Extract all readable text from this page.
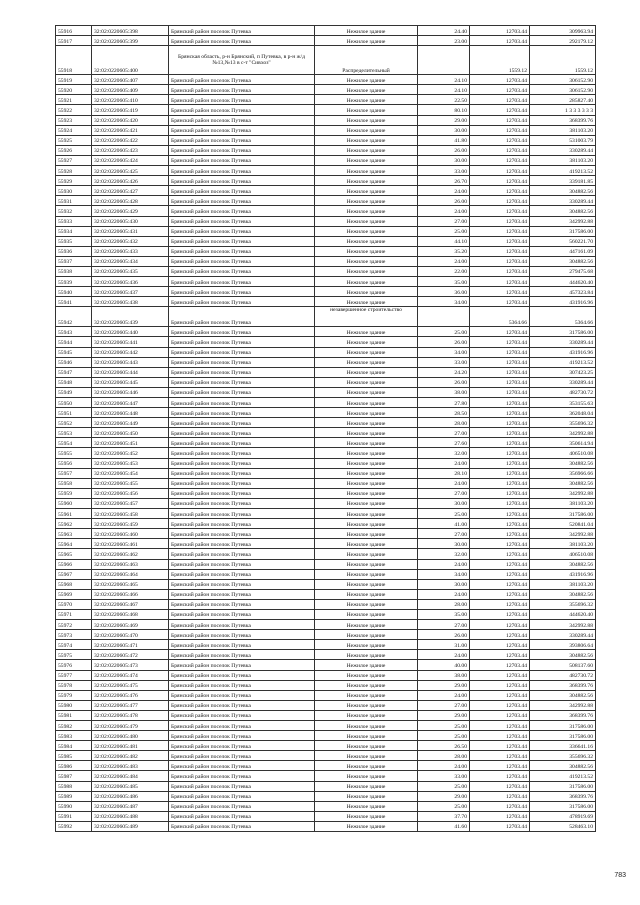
55916	32:02:0220605:398	Брянский район поселок Путевка	Нежилое здание	24.40	12703.44	309963.94
55917	32:02:0220605:399	Брянский район поселок Путевка	Нежилое здание	23.00	12703.44	292179.12
55918	32:02:0220605:400	Брянская область, р-н Брянский, п Путевка, в р-н ж/д №13,№13 в с-т "Сивхоз"	Распределительный		1559.12	1559.12
55919	32:02:0220605:407	Брянский район поселок Путевка	Нежилое здание	24.10	12703.44	306152.90
55920	32:02:0220605:409	Брянский район поселок Путевка	Нежилое здание	24.10	12703.44	306152.90
55921	32:02:0220605:410	Брянский район поселок Путевка	Нежилое здание	22.50	12703.44	285827.40
55922	32:02:0220605:419	Брянский район поселок Путевка	Нежилое здание	80.10	12703.44	1 3 3 3 3 3 3
55923	32:02:0220605:420	Брянский район поселок Путевка	Нежилое здание	29.00	12703.44	368399.76
55924	32:02:0220605:421	Брянский район поселок Путевка	Нежилое здание	30.00	12703.44	381103.20
55925	32:02:0220605:422	Брянский район поселок Путевка	Нежилое здание	41.80	12703.44	531003.79
55926	32:02:0220605:423	Брянский район поселок Путевка	Нежилое здание	26.00	12703.44	330289.44
55927	32:02:0220605:424	Брянский район поселок Путевка	Нежилое здание	30.00	12703.44	381103.20
55928	32:02:0220605:425	Брянский район поселок Путевка	Нежилое здание	33.00	12703.44	419213.52
55929	32:02:0220605:426	Брянский район поселок Путевка	Нежилое здание	26.70	12703.44	339181.85
55930	32:02:0220605:427	Брянский район поселок Путевка	Нежилое здание	24.00	12703.44	304882.56
55931	32:02:0220605:428	Брянский район поселок Путевка	Нежилое здание	26.00	12703.44	330289.44
55932	32:02:0220605:429	Брянский район поселок Путевка	Нежилое здание	24.00	12703.44	304882.56
55933	32:02:0220605:430	Брянский район поселок Путевка	Нежилое здание	27.00	12703.44	342992.88
55934	32:02:0220605:431	Брянский район поселок Путевка	Нежилое здание	25.00	12703.44	317586.00
55935	32:02:0220605:432	Брянский район поселок Путевка	Нежилое здание	44.10	12703.44	560221.70
55936	32:02:0220605:433	Брянский район поселок Путевка	Нежилое здание	35.20	12703.44	447161.09
55937	32:02:0220605:434	Брянский район поселок Путевка	Нежилое здание	24.00	12703.44	304882.56
55938	32:02:0220605:435	Брянский район поселок Путевка	Нежилое здание	22.00	12703.44	279475.68
55939	32:02:0220605:436	Брянский район поселок Путевка	Нежилое здание	35.00	12703.44	444620.40
55940	32:02:0220605:437	Брянский район поселок Путевка	Нежилое здание	36.00	12703.44	457323.84
55941	32:02:0220605:438	Брянский район поселок Путевка	Нежилое здание	34.00	12703.44	431916.96
55942	32:02:0220605:439	Брянский район поселок Путевка	незавершенное строительство		5364.66	5364.66
55943	32:02:0220605:440	Брянский район поселок Путевка	Нежилое здание	25.00	12703.44	317586.00
55944	32:02:0220605:441	Брянский район поселок Путевка	Нежилое здание	26.00	12703.44	330289.44
55945	32:02:0220605:442	Брянский район поселок Путевка	Нежилое здание	34.00	12703.44	431916.96
55946	32:02:0220605:443	Брянский район поселок Путевка	Нежилое здание	33.00	12703.44	419213.52
55947	32:02:0220605:444	Брянский район поселок Путевка	Нежилое здание	24.20	12703.44	307423.25
55948	32:02:0220605:445	Брянский район поселок Путевка	Нежилое здание	26.00	12703.44	330289.44
55949	32:02:0220605:446	Брянский район поселок Путевка	Нежилое здание	38.00	12703.44	482730.72
55950	32:02:0220605:447	Брянский район поселок Путевка	Нежилое здание	27.80	12703.44	353155.63
55951	32:02:0220605:448	Брянский район поселок Путевка	Нежилое здание	28.50	12703.44	362048.04
55952	32:02:0220605:449	Брянский район поселок Путевка	Нежилое здание	28.00	12703.44	355696.32
55953	32:02:0220605:450	Брянский район поселок Путевка	Нежилое здание	27.00	12703.44	342992.88
55954	32:02:0220605:451	Брянский район поселок Путевка	Нежилое здание	27.60	12703.44	350614.94
55955	32:02:0220605:452	Брянский район поселок Путевка	Нежилое здание	32.00	12703.44	406510.08
55956	32:02:0220605:453	Брянский район поселок Путевка	Нежилое здание	24.00	12703.44	304882.56
55957	32:02:0220605:454	Брянский район поселок Путевка	Нежилое здание	28.10	12703.44	356966.66
55958	32:02:0220605:455	Брянский район поселок Путевка	Нежилое здание	24.00	12703.44	304882.56
55959	32:02:0220605:456	Брянский район поселок Путевка	Нежилое здание	27.00	12703.44	342992.88
55960	32:02:0220605:457	Брянский район поселок Путевка	Нежилое здание	30.00	12703.44	381103.20
55961	32:02:0220605:458	Брянский район поселок Путевка	Нежилое здание	25.00	12703.44	317586.00
55962	32:02:0220605:459	Брянский район поселок Путевка	Нежилое здание	41.00	12703.44	520841.04
55963	32:02:0220605:460	Брянский район поселок Путевка	Нежилое здание	27.00	12703.44	342992.88
55964	32:02:0220605:461	Брянский район поселок Путевка	Нежилое здание	30.00	12703.44	381103.20
55965	32:02:0220605:462	Брянский район поселок Путевка	Нежилое здание	32.00	12703.44	406510.08
55966	32:02:0220605:463	Брянский район поселок Путевка	Нежилое здание	24.00	12703.44	304882.56
55967	32:02:0220605:464	Брянский район поселок Путевка	Нежилое здание	34.00	12703.44	431916.96
55968	32:02:0220605:465	Брянский район поселок Путевка	Нежилое здание	30.00	12703.44	381103.20
55969	32:02:0220605:466	Брянский район поселок Путевка	Нежилое здание	24.00	12703.44	304882.56
55970	32:02:0220605:467	Брянский район поселок Путевка	Нежилое здание	28.00	12703.44	355696.32
55971	32:02:0220605:468	Брянский район поселок Путевка	Нежилое здание	35.00	12703.44	444620.40
55972	32:02:0220605:469	Брянский район поселок Путевка	Нежилое здание	27.00	12703.44	342992.88
55973	32:02:0220605:470	Брянский район поселок Путевка	Нежилое здание	26.00	12703.44	330289.44
55974	32:02:0220605:471	Брянский район поселок Путевка	Нежилое здание	31.00	12703.44	393806.64
55975	32:02:0220605:472	Брянский район поселок Путевка	Нежилое здание	24.00	12703.44	304882.56
55976	32:02:0220605:473	Брянский район поселок Путевка	Нежилое здание	40.00	12703.44	508137.60
55977	32:02:0220605:474	Брянский район поселок Путевка	Нежилое здание	38.00	12703.44	482730.72
55978	32:02:0220605:475	Брянский район поселок Путевка	Нежилое здание	29.00	12703.44	368399.76
55979	32:02:0220605:476	Брянский район поселок Путевка	Нежилое здание	24.00	12703.44	304882.56
55980	32:02:0220605:477	Брянский район поселок Путевка	Нежилое здание	27.00	12703.44	342992.88
55981	32:02:0220605:478	Брянский район поселок Путевка	Нежилое здание	29.00	12703.44	368399.76
55982	32:02:0220605:479	Брянский район поселок Путевка	Нежилое здание	25.00	12703.44	317586.00
55983	32:02:0220605:480	Брянский район поселок Путевка	Нежилое здание	25.00	12703.44	317586.00
55984	32:02:0220605:481	Брянский район поселок Путевка	Нежилое здание	26.50	12703.44	336641.16
55985	32:02:0220605:482	Брянский район поселок Путевка	Нежилое здание	28.00	12703.44	355696.32
55986	32:02:0220605:483	Брянский район поселок Путевка	Нежилое здание	24.00	12703.44	304882.56
55987	32:02:0220605:484	Брянский район поселок Путевка	Нежилое здание	33.00	12703.44	419213.52
55988	32:02:0220605:485	Брянский район поселок Путевка	Нежилое здание	25.00	12703.44	317586.00
55989	32:02:0220605:486	Брянский район поселок Путевка	Нежилое здание	29.00	12703.44	368399.76
55990	32:02:0220605:487	Брянский район поселок Путевка	Нежилое здание	25.00	12703.44	317586.00
55991	32:02:0220605:488	Брянский район поселок Путевка	Нежилое здание	37.70	12703.44	478919.69
55992	32:02:0220605:489	Брянский район поселок Путевка	Нежилое здание	41.60	12703.44	528463.10
783
